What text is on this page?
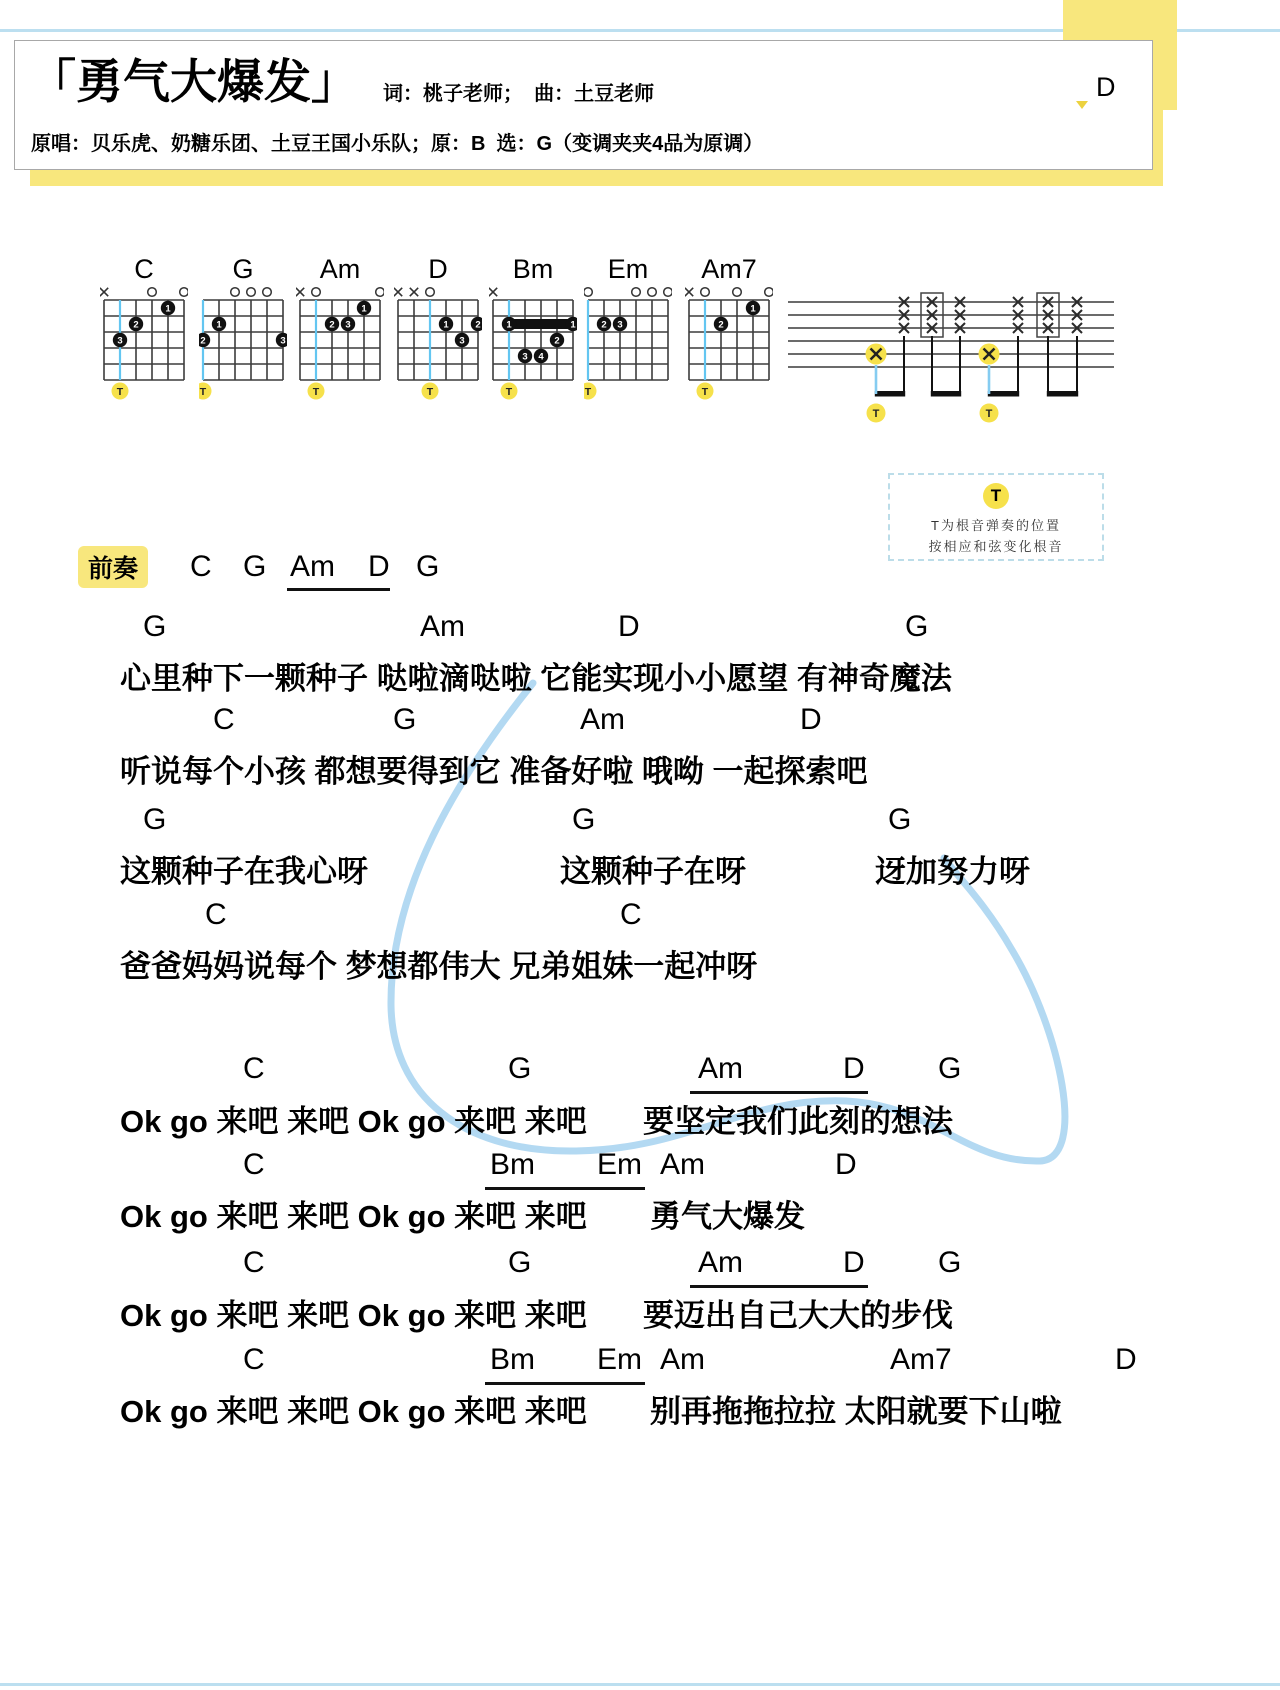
「勇气大爆发」 词：桃子老师；  曲：土豆老师
原唱：贝乐虎、奶糖乐团、土豆王国小乐队；原：B  选：G（变调夹夹4品为原调）
D
C
3
2
1
T
G
2
1
3
T
Am
2 3
1
T
D
1	2
3
T
Bm
1	1
2
3 4
T
Em
2 3
T
Am7
1
2
T
T	T
T
T为根音弹奏的位置
按相应和弦变化根音
前奏	C G Am D G
G	Am	D	G
心里种下一颗种子 哒啦滴哒啦 它能实现小小愿望 有神奇魔法
C	G	Am	D
听说每个小孩 都想要得到它 准备好啦 哦呦 一起探索吧
G	G	G
这颗种子在我心呀	这颗种子在呀	迓加努力呀
C	C
爸爸妈妈说每个 梦想都伟大 兄弟姐妹一起冲呀
C	G	Am	D G
Ok go 来吧 来吧 Ok go 来吧 来吧 要坚定我们此刻的想法
C	Bm Em Am	D
Ok go 来吧 来吧 Ok go 来吧 来吧 勇气大爆发
C	G	Am	D G
Ok go 来吧 来吧 Ok go 来吧 来吧 要迈出自己大大的步伐
C	Bm Em Am	Am7	D
Ok go 来吧 来吧 Ok go 来吧 来吧 别再拖拖拉拉 太阳就要下山啦
